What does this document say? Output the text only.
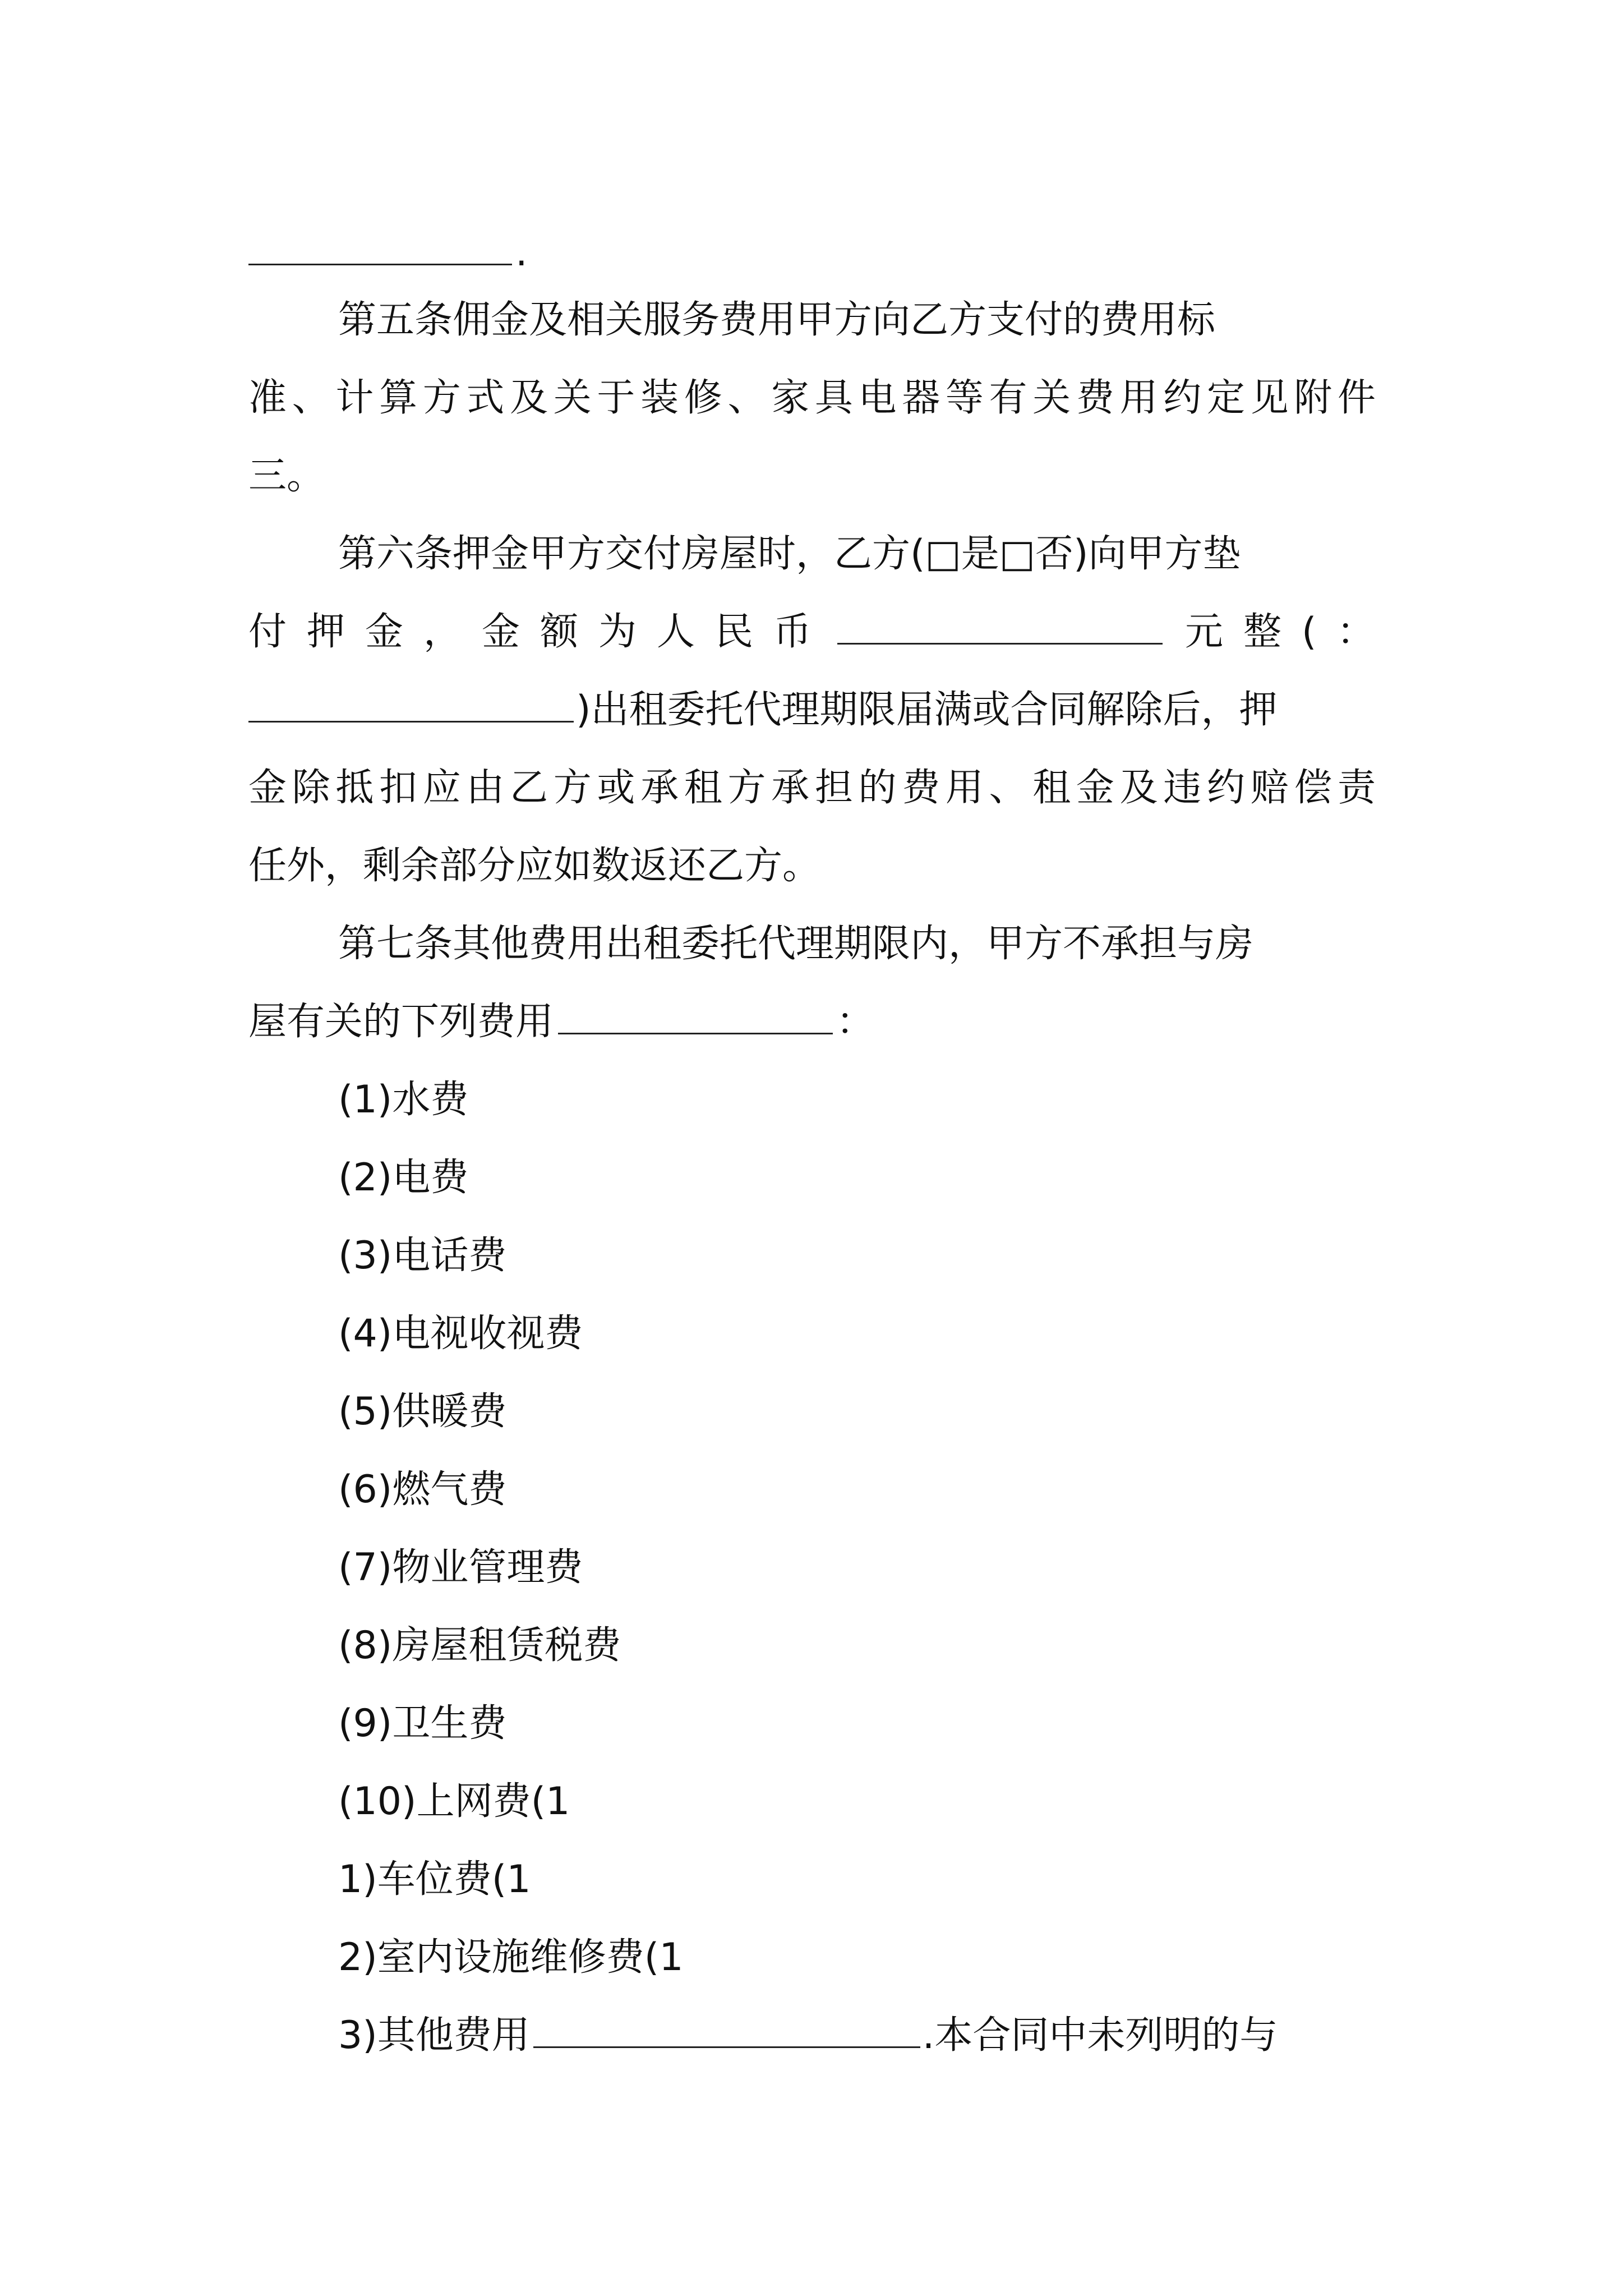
.
第五条佣金及相关服务费用甲方向乙方支付的费用标
准、计算方式及关于装修、家具电器等有关费用约定见附件
三。
第六条押金甲方交付房屋时，乙方(□是□否)向甲方垫
付押金，金额为人民币	元整(：
)出租委托代理期限届满或合同解除后，押
金除抵扣应由乙方或承租方承担的费用、租金及违约赔偿责
任外，剩余部分应如数返还乙方。
第七条其他费用出租委托代理期限内，甲方不承担与房
屋有关的下列费用	：
(1)水费
(2)电费
(3)电话费
(4)电视收视费
(5)供暖费
(6)燃气费
(7)物业管理费
(8)房屋租赁税费
(9)卫生费
(10)上网费(1
1)车位费(1
2)室内设施维修费(1
3)其他费用	.本合同中未列明的与
